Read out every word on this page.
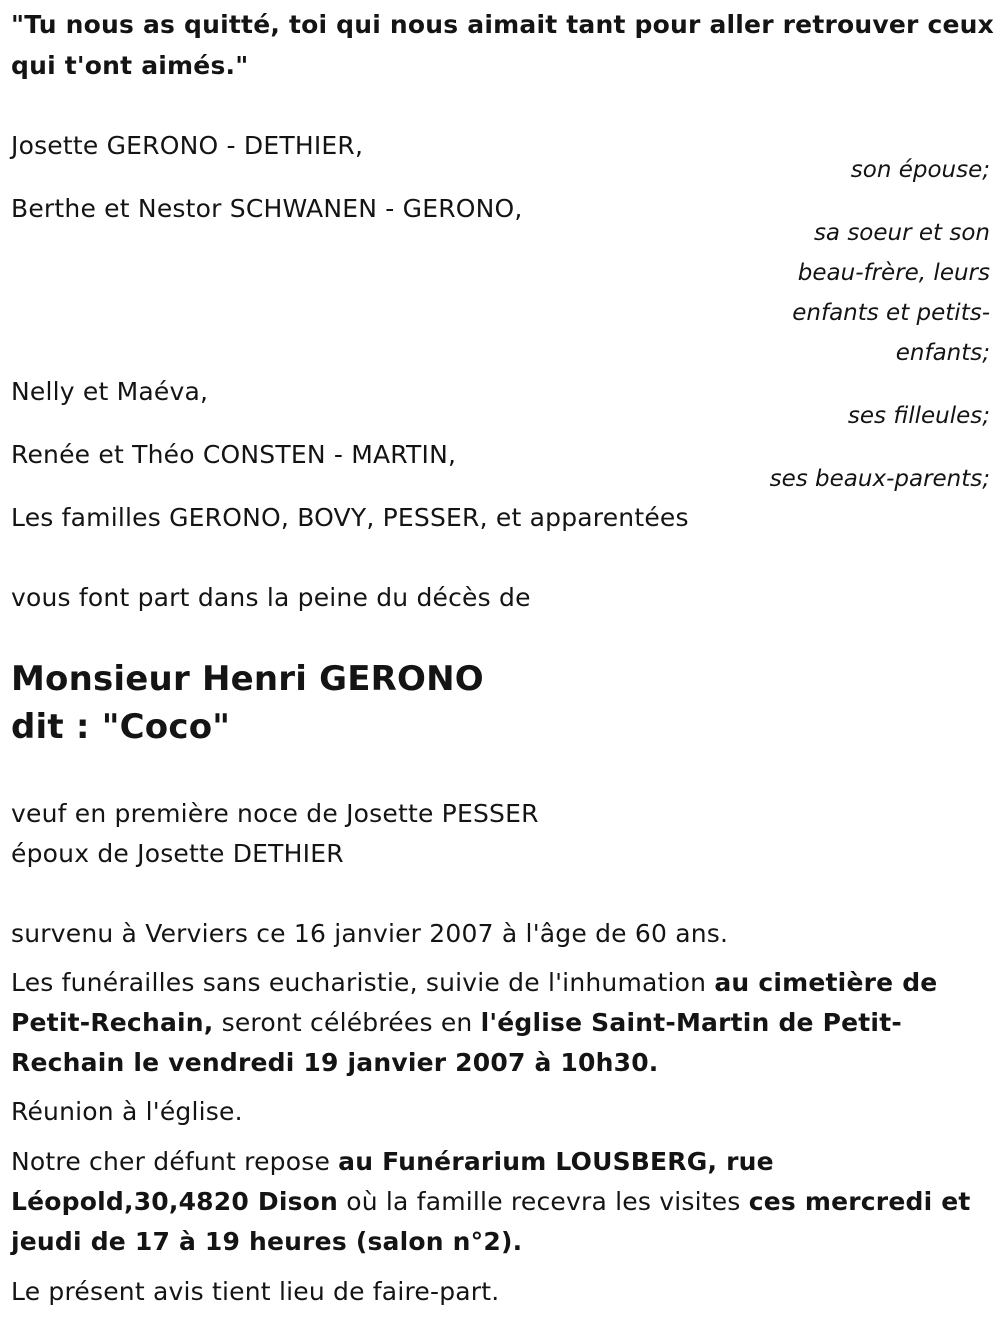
"Tu nous as quitté, toi qui nous aimait tant pour aller retrouver ceux
qui t'ont aimés."
Josette GERONO - DETHIER,
son épouse;
Berthe et Nestor SCHWANEN - GERONO,
sa soeur et son
beau-frère, leurs
enfants et petits-
enfants;
Nelly et Maéva,
ses filleules;
Renée et Théo CONSTEN - MARTIN,
ses beaux-parents;
Les familles GERONO, BOVY, PESSER, et apparentées
vous font part dans la peine du décès de
Monsieur Henri GERONO
dit : "Coco"
veuf en première noce de Josette PESSER
époux de Josette DETHIER
survenu à Verviers ce 16 janvier 2007 à l'âge de 60 ans.
Les funérailles sans eucharistie, suivie de l'inhumation au cimetière de
Petit-Rechain, seront célébrées en l'église Saint-Martin de Petit-
Rechain le vendredi 19 janvier 2007 à 10h30.
Réunion à l'église.
Notre cher défunt repose au Funérarium LOUSBERG, rue
Léopold,30,4820 Dison où la famille recevra les visites ces mercredi et
jeudi de 17 à 19 heures (salon n°2).
Le présent avis tient lieu de faire-part.
